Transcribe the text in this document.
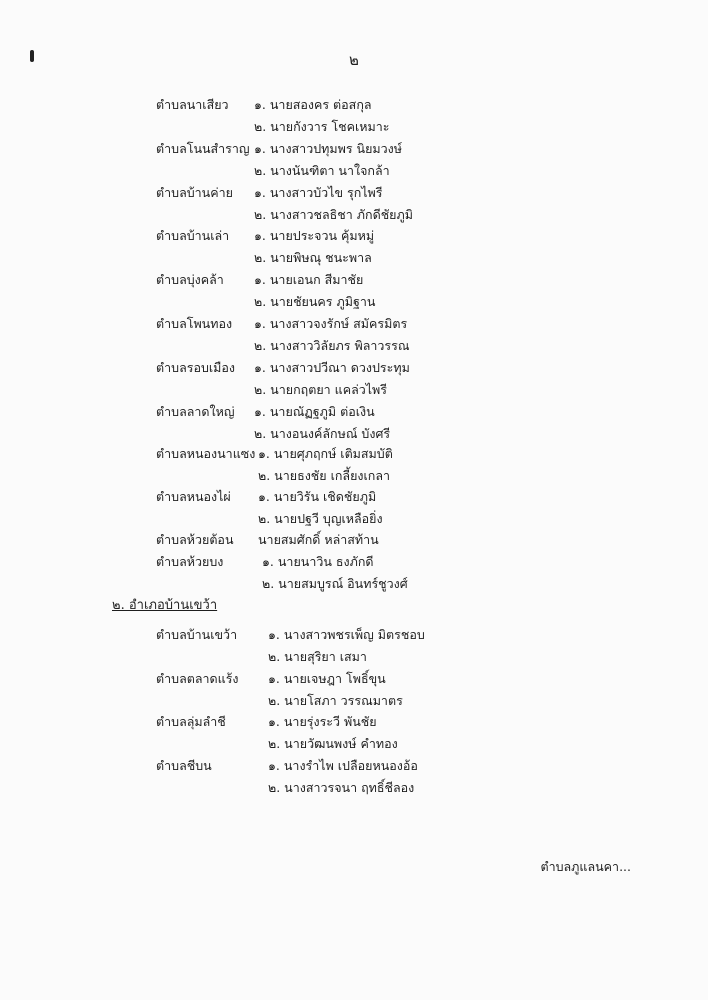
๒
ตำบลนาเสียว ๑. นายสองคร ต่อสกุล
๒. นายกังวาร โชคเหมาะ
ตำบลโนนสำราญ ๑. นางสาวปทุมพร นิยมวงษ์
๒. นางนันฑิตา นาใจกล้า
ตำบลบ้านค่าย ๑. นางสาวบัวไข รุกไพรี
๒. นางสาวชลธิชา ภักดีชัยภูมิ
ตำบลบ้านเล่า ๑. นายประจวน คุ้มหมู่
๒. นายพิษณุ ชนะพาล
ตำบลบุ่งคล้า ๑. นายเอนก สีมาชัย
๒. นายชัยนคร ภูมิฐาน
ตำบลโพนทอง ๑. นางสาวจงรักษ์ สมัครมิตร
๒. นางสาววิลัยภร พิลาวรรณ
ตำบลรอบเมือง ๑. นางสาวปวีณา ดวงประทุม
๒. นายกฤตยา แคล่วไพรี
ตำบลลาดใหญ่ ๑. นายณัฏฐภูมิ ต่อเงิน
๒. นางอนงค์ลักษณ์ บังศรี
ตำบลหนองนาแซง ๑. นายศุภฤกษ์ เติมสมบัติ
๒. นายธงชัย เกลี้ยงเกลา
ตำบลหนองไผ่ ๑. นายวิรัน เชิดชัยภูมิ
๒. นายปฐวี บุญเหลือยิ่ง
ตำบลห้วยต้อน นายสมศักดิ์ หล่าสท้าน
ตำบลห้วยบง	๑. นายนาวิน ธงภักดี
๒. นายสมบูรณ์ อินทร์ชูวงศ์
๒. อำเภอบ้านเขว้า
ตำบลบ้านเขว้า ๑. นางสาวพชรเพ็ญ มิตรชอบ
๒. นายสุริยา เสมา
ตำบลตลาดแร้ง ๑. นายเจษฎา โพธิ์ขุน
๒. นายโสภา วรรณมาตร
ตำบลลุ่มลำชี	๑. นายรุ่งระวี พันชัย
๒. นายวัฒนพงษ์ คำทอง
ตำบลชีบน	๑. นางรำไพ เปลือยหนองอ้อ
๒. นางสาวรจนา ฤทธิ์ชีลอง
ตำบลภูแลนคา...
